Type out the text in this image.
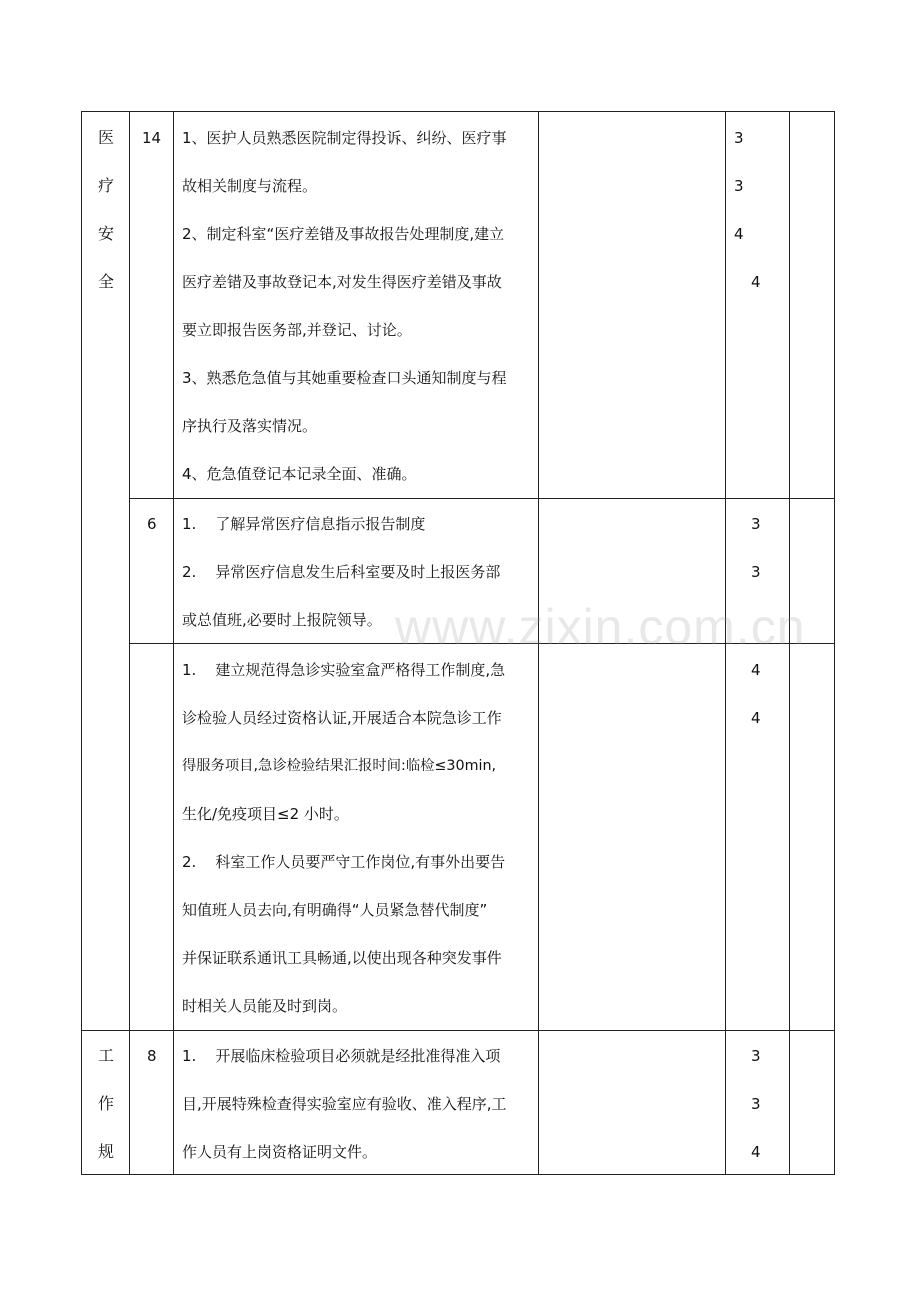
医
疗
安
全
14 1、医护人员熟悉医院制定得投诉、纠纷、医疗事
故相关制度与流程。
2、制定科室“医疗差错及事故报告处理制度,建立
医疗差错及事故登记本,对发生得医疗差错及事故
要立即报告医务部,并登记、讨论。
3、熟悉危急值与其她重要检查口头通知制度与程
序执行及落实情况。
4、危急值登记本记录全面、准确。
3
3
4
4
6 1.    了解异常医疗信息指示报告制度
2.    异常医疗信息发生后科室要及时上报医务部
或总值班,必要时上报院领导。
3
3
1.    建立规范得急诊实验室盒严格得工作制度,急
诊检验人员经过资格认证,开展适合本院急诊工作
得服务项目,急诊检验结果汇报时间:临检≤30min,
生化/免疫项目≤2 小时。
2.    科室工作人员要严守工作岗位,有事外出要告
知值班人员去向,有明确得“人员紧急替代制度”
并保证联系通讯工具畅通,以使出现各种突发事件
时相关人员能及时到岗。
4
4
工
作
规
8 1.    开展临床检验项目必须就是经批准得准入项
目,开展特殊检查得实验室应有验收、准入程序,工
作人员有上岗资格证明文件。
3
3
4
www.zixin.com.cn
